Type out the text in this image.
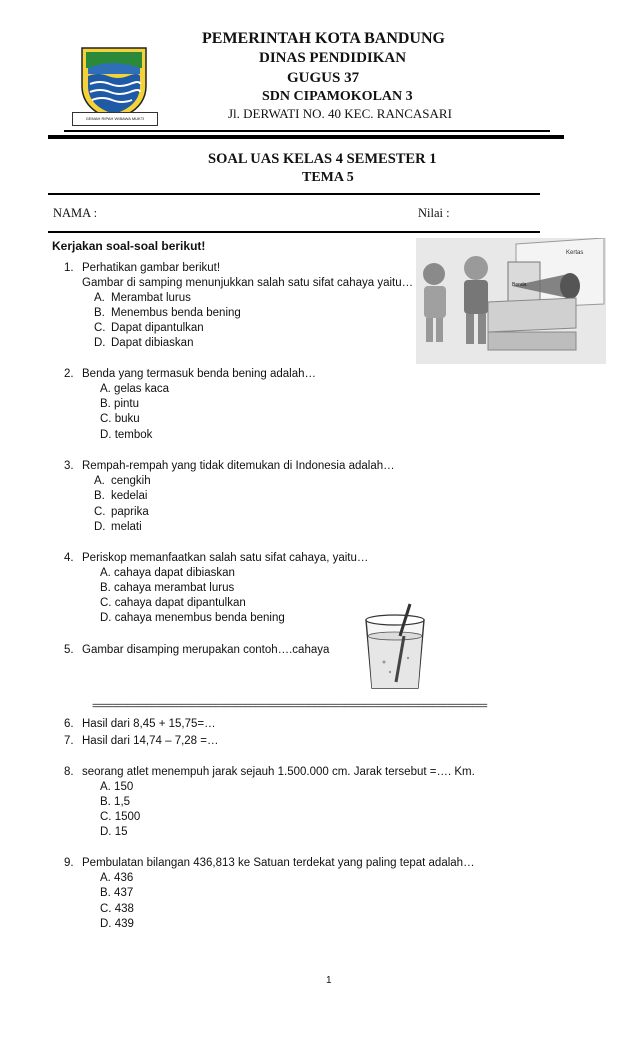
GEMAH RIPAH WIBAWA MUKTI
PEMERINTAH KOTA BANDUNG
DINAS PENDIDIKAN
GUGUS 37
SDN CIPAMOKOLAN 3
Jl. DERWATI NO. 40 KEC. RANCASARI
SOAL UAS KELAS 4 SEMESTER 1
TEMA 5
NAMA :	Nilai :
Kerjakan soal-soal berikut!	Kertas
Benda
1. Perhatikan gambar berikut!
Gambar di samping menunjukkan salah satu sifat cahaya yaitu…
A. Merambat lurus
B. Menembus benda bening
C. Dapat dipantulkan
D. Dapat dibiaskan
2. Benda yang termasuk benda bening adalah…
A. gelas kaca
B. pintu
C. buku
D. tembok
3. Rempah-rempah yang tidak ditemukan di Indonesia adalah…
A. cengkih
B. kedelai
C. paprika
D. melati
4. Periskop memanfaatkan salah satu sifat cahaya, yaitu…
A. cahaya dapat dibiaskan
B. cahaya merambat lurus
C. cahaya dapat dipantulkan
D. cahaya menembus benda bening
5. Gambar disamping merupakan contoh….cahaya
================================================================================
6. Hasil dari 8,45 + 15,75=…
7. Hasil dari 14,74 – 7,28 =…
8. seorang atlet menempuh jarak sejauh 1.500.000 cm. Jarak tersebut =…. Km.
A. 150
B. 1,5
C. 1500
D. 15
9. Pembulatan bilangan 436,813 ke Satuan terdekat yang paling tepat adalah…
A. 436
B. 437
C. 438
D. 439
1
